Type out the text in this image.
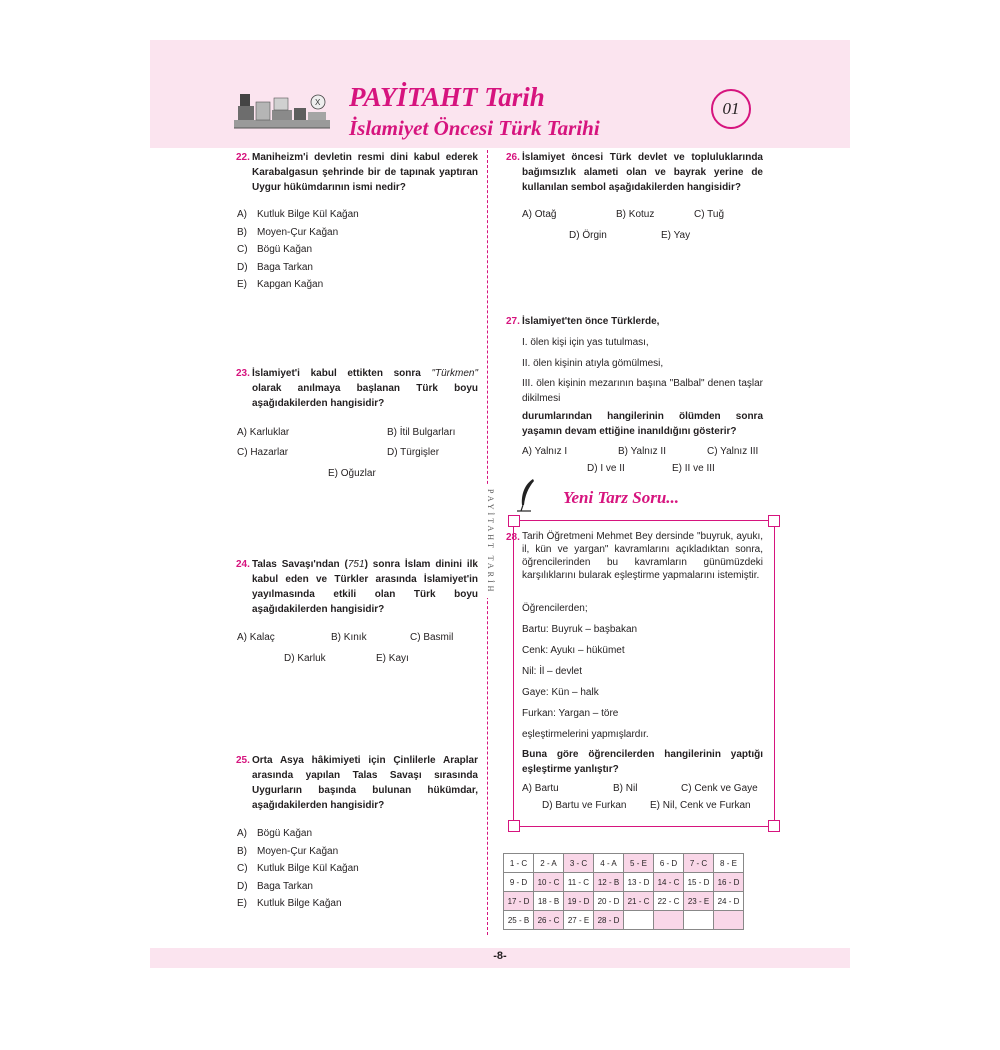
X PAYİTAHT Tarih
İslamiyet Öncesi Türk Tarihi
01
PAYİTAHT TARİH
22. Maniheizm'i devletin resmi dini kabul ederek Karabalgasun şehrinde bir de tapınak yaptıran Uygur hükümdarının ismi nedir?
A) Kutluk Bilge Kül Kağan
B) Moyen-Çur Kağan
C) Bögü Kağan
D) Baga Tarkan
E) Kapgan Kağan
23. İslamiyet'i kabul ettikten sonra "Türkmen" olarak anılmaya başlanan Türk boyu aşağıdakilerden hangisidir?
A) Karluklar	B) İtil Bulgarları
C) Hazarlar	D) Türgişler
E) Oğuzlar
24. Talas Savaşı'ndan (751) sonra İslam dinini ilk kabul eden ve Türkler arasında İslamiyet'in yayılmasında etkili olan Türk boyu aşağıdakilerden hangisidir?
A) Kalaç	B) Kınık	C) Basmil
D) Karluk	E) Kayı
25. Orta Asya hâkimiyeti için Çinlilerle Araplar arasında yapılan Talas Savaşı sırasında Uygurların başında bulunan hükümdar, aşağıdakilerden hangisidir?
A) Bögü Kağan
B) Moyen-Çur Kağan
C) Kutluk Bilge Kül Kağan
D) Baga Tarkan
E) Kutluk Bilge Kağan
26. İslamiyet öncesi Türk devlet ve topluluklarında bağımsızlık alameti olan ve bayrak yerine de kullanılan sembol aşağıdakilerden hangisidir?
A) Otağ	B) Kotuz	C) Tuğ
D) Örgin	E) Yay
27. İslamiyet'ten önce Türklerde,
I. ölen kişi için yas tutulması,
II. ölen kişinin atıyla gömülmesi,
III. ölen kişinin mezarının başına "Balbal" denen taşlar dikilmesi
durumlarından hangilerinin ölümden sonra yaşamın devam ettiğine inanıldığını gösterir?
A) Yalnız I	B) Yalnız II	C) Yalnız III
D) I ve II	E) II ve III
Yeni Tarz Soru...
28. Tarih Öğretmeni Mehmet Bey dersinde "buyruk, ayukı, il, kün ve yargan" kavramlarını açıkladıktan sonra, öğrencilerinden bu kavramların günümüzdeki karşılıklarını bularak eşleştirme yapmalarını istemiştir.
Öğrencilerden;
Bartu: Buyruk – başbakan
Cenk: Ayukı – hükümet
Nil: İl – devlet
Gaye: Kün – halk
Furkan: Yargan – töre
eşleştirmelerini yapmışlardır.
Buna göre öğrencilerden hangilerinin yaptığı eşleştirme yanlıştır?
A) Bartu	B) Nil	C) Cenk ve Gaye
D) Bartu ve Furkan E) Nil, Cenk ve Furkan
1 - C	2 - A	3 - C	4 - A	5 - E	6 - D	7 - C	8 - E
9 - D	10 - C	11 - C	12 - B	13 - D	14 - C	15 - D	16 - D
17 - D	18 - B	19 - D	20 - D	21 - C	22 - C	23 - E	24 - D
25 - B	26 - C	27 - E	28 - D				
-8-
